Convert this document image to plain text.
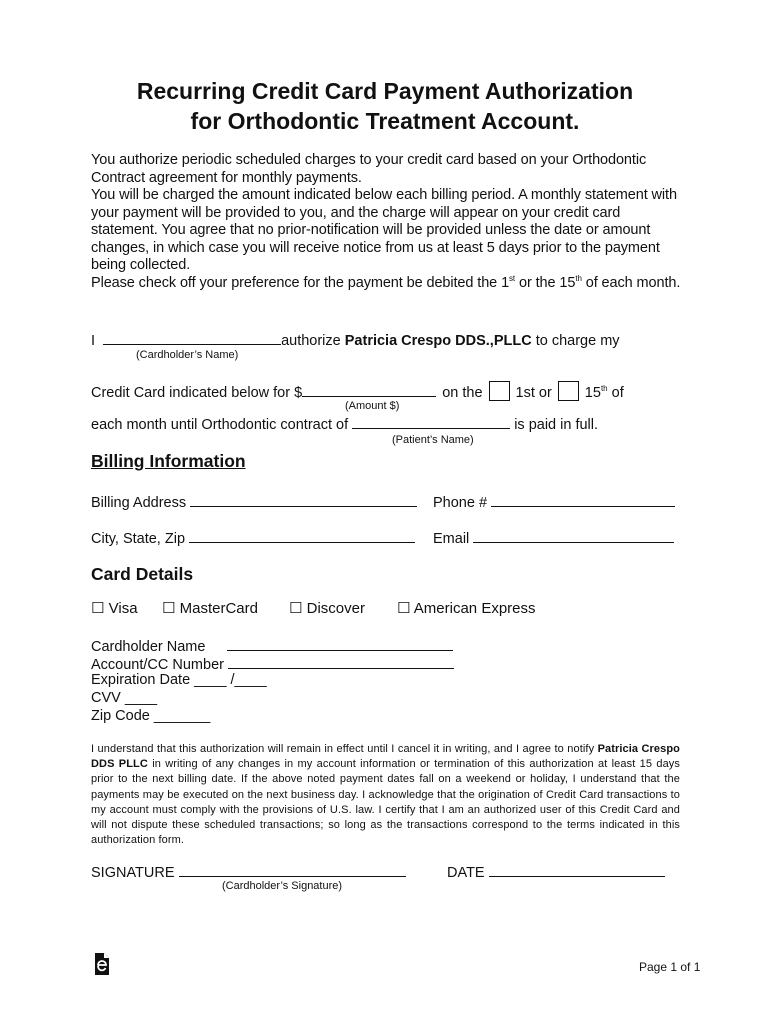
Recurring Credit Card Payment Authorization
for Orthodontic Treatment Account.

You authorize periodic scheduled charges to your credit card based on your Orthodontic Contract agreement for monthly payments.

You will be charged the amount indicated below each billing period. A monthly statement with your payment will be provided to you, and the charge will appear on your credit card statement. You agree that no prior-notification will be provided unless the date or amount changes, in which case you will receive notice from us at least 5 days prior to the payment being collected.

Please check off your preference for the payment be debited the 1st or the 15th of each month.

I	authorize Patricia Crespo DDS.,PLLC to charge my
(Cardholder’s Name)
Credit Card indicated below for $	on the 1st or 15th of
(Amount $)
each month until Orthodontic contract of	is paid in full.
(Patient’s Name)
Billing Information
Billing Address	Phone #
City, State, Zip	Email
Card Details
☐ Visa ☐ MasterCard ☐ Discover ☐ American Express
Cardholder Name
Account/CC Number
Expiration Date ____ /____
CVV ____
Zip Code _______
I understand that this authorization will remain in effect until I cancel it in writing, and I agree to notify Patricia Crespo DDS PLLC in writing of any changes in my account information or termination of this authorization at least 15 days prior to the next billing date. If the above noted payment dates fall on a weekend or holiday, I understand that the payments may be executed on the next business day. I acknowledge that the origination of Credit Card transactions to my account must comply with the provisions of U.S. law. I certify that I am an authorized user of this Credit Card and will not dispute these scheduled transactions; so long as the transactions correspond to the terms indicated in this authorization form.
SIGNATURE
(Cardholder’s Signature)
DATE
Page 1 of 1
